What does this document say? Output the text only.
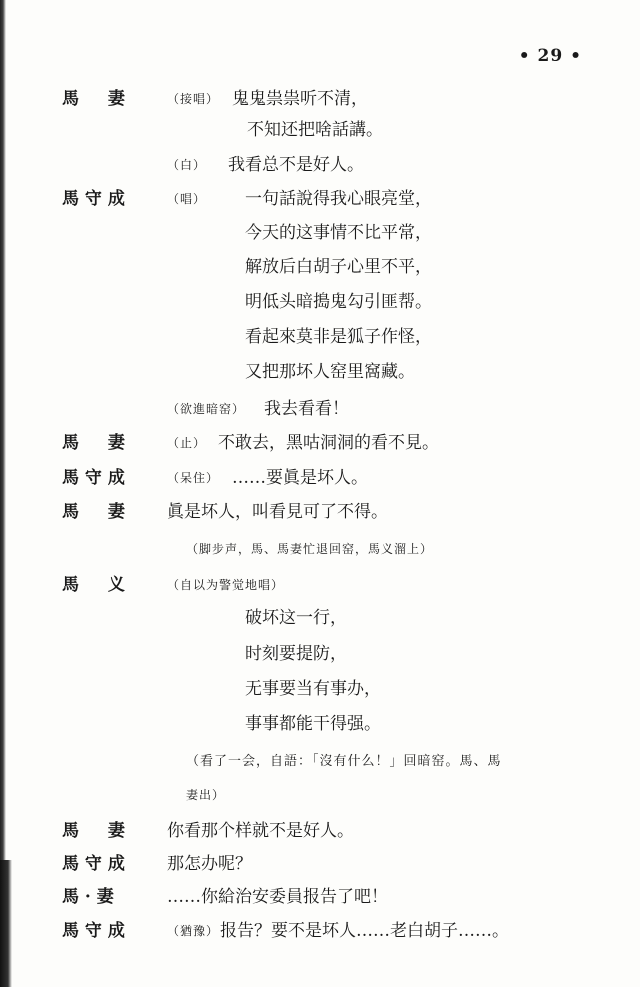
• 29 •
馬 　 妻	（接唱） 鬼鬼祟祟听不清，
不知还把啥話講。
（白） 我看总不是好人。
馬 守 成	（唱） 一句話說得我心眼亮堂，
今天的这事情不比平常，
解放后白胡子心里不平，
明低头暗搗鬼勾引匪帮。
看起來莫非是狐子作怪，
又把那坏人窑里窩藏。
（欲進暗窑） 我去看看！
馬 　 妻	（止） 不敢去，黑咕洞洞的看不見。
馬 守 成	（呆住） ……要眞是坏人。
馬 　 妻	眞是坏人，叫看見可了不得。
（脚步声，馬、馬妻忙退回窑，馬义溜上）
馬 　 义	（自以为警觉地唱）
破坏这一行，
时刻要提防，
无事要当有事办，
事事都能干得强。
（看了一会，自語：「沒有什么！」回暗窑。馬、馬
妻出）
馬 　 妻	你看那个样就不是好人。
馬 守 成	那怎办呢？
馬 · 妻	……你給治安委員报告了吧！
馬 守 成	（猶豫） 报告？要不是坏人……老白胡子……。
